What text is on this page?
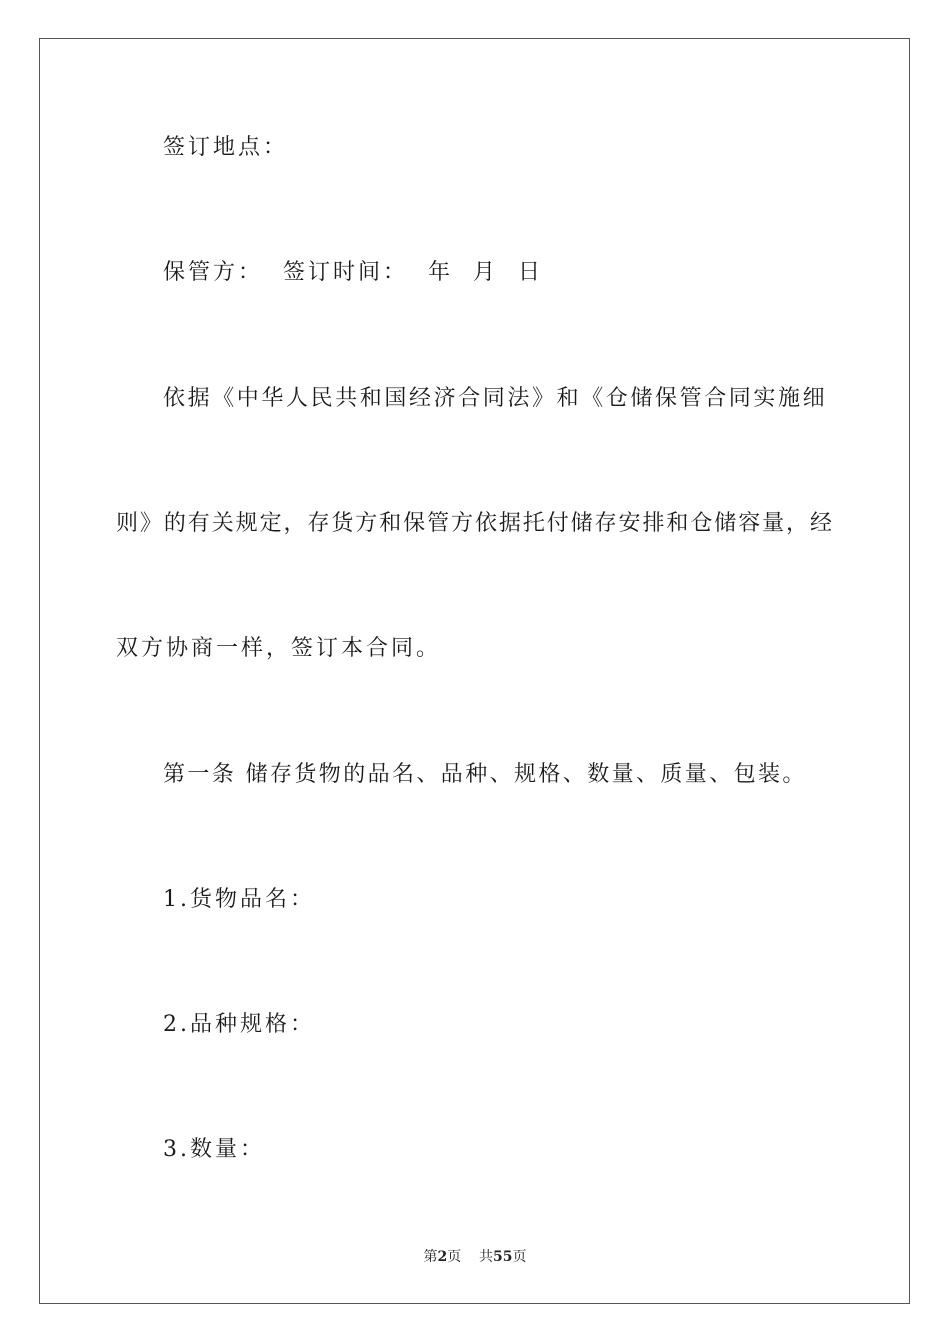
签订地点：
保管方：  签订时间：  年  月  日
依据《中华人民共和国经济合同法》和《仓储保管合同实施细
则》的有关规定，存货方和保管方依据托付储存安排和仓储容量，经
双方协商一样，签订本合同。
第一条 储存货物的品名、品种、规格、数量、质量、包装。
1.货物品名：
2.品种规格：
3.数量：
第2页 共55页
